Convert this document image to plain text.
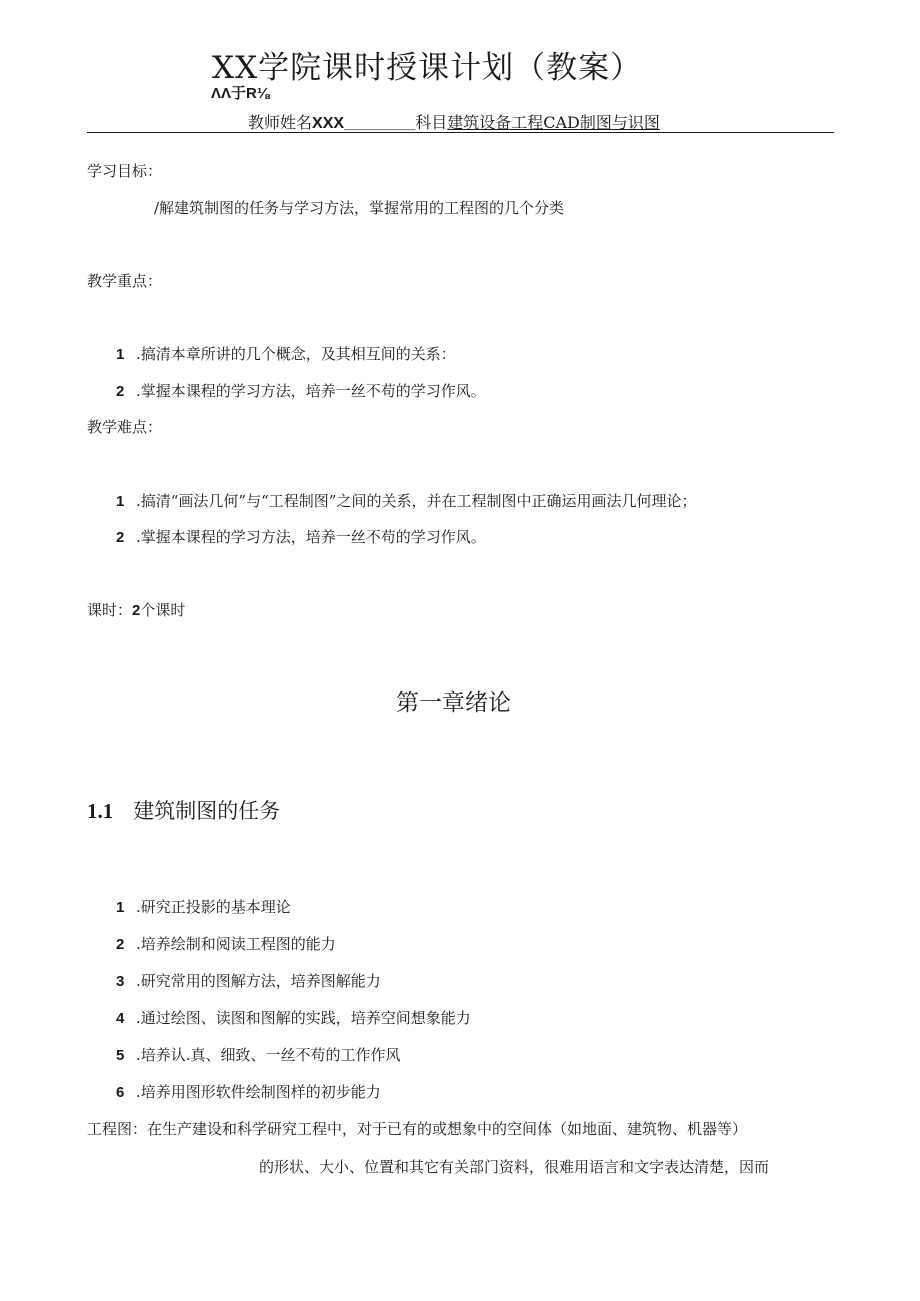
XX学院课时授课计划（教案）
ΛΛ于R⅛
教师姓名XXX________科目建筑设备工程CAD制图与识图
学习目标：
/解建筑制图的任务与学习方法，掌握常用的工程图的几个分类
教学重点：
1 .搞清本章所讲的几个概念，及其相互间的关系：
2 .掌握本课程的学习方法，培养一丝不苟的学习作风。
教学难点：
1 .搞清“画法几何”与“工程制图”之间的关系，并在工程制图中正确运用画法几何理论；
2 .掌握本课程的学习方法，培养一丝不苟的学习作风。
课时：2个课时
第一章绪论
1.1 建筑制图的任务
1 .研究正投影的基本理论
2 .培养绘制和阅读工程图的能力
3 .研究常用的图解方法，培养图解能力
4 .通过绘图、读图和图解的实践，培养空间想象能力
5 .培养认.真、细致、一丝不苟的工作作风
6 .培养用图形软件绘制图样的初步能力
工程图：在生产建设和科学研究工程中，对于已有的或想象中的空间体（如地面、建筑物、机器等）
的形状、大小、位置和其它有关部门资料，很难用语言和文字表达清楚，因而
